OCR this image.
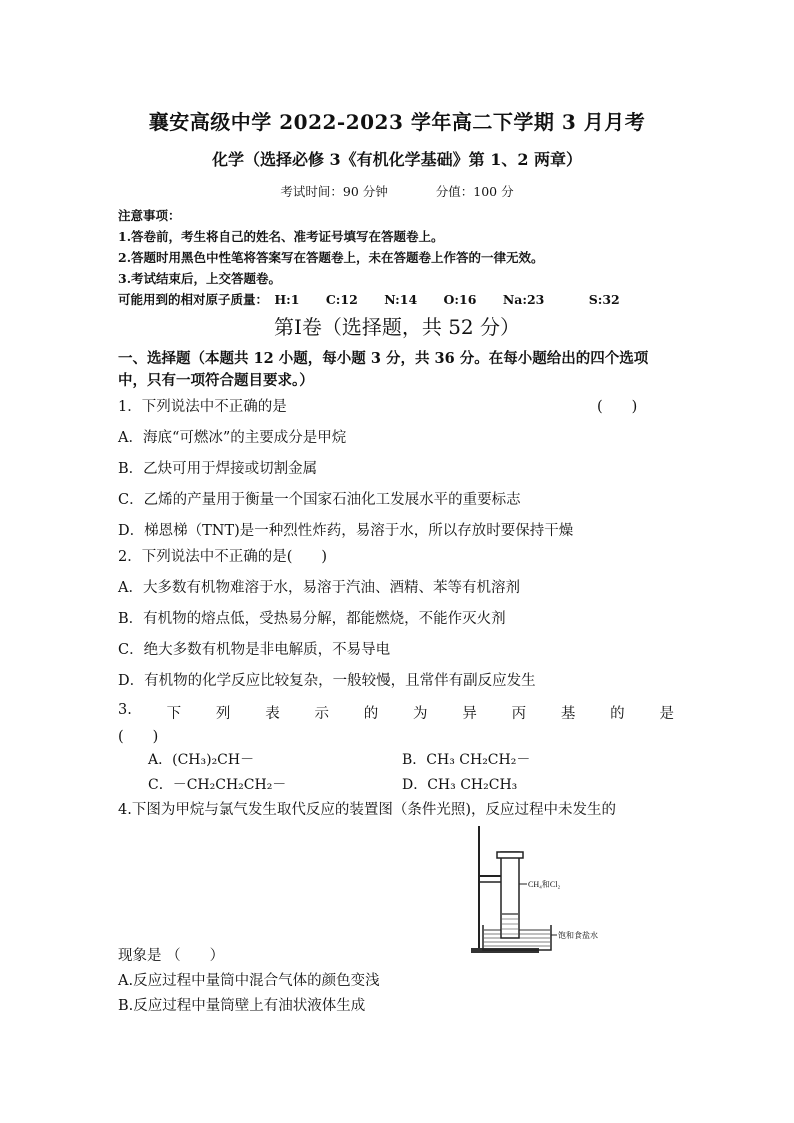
襄安高级中学 2022-2023 学年高二下学期 3 月月考
化学（选择必修 3《有机化学基础》第 1、2 两章）
考试时间：90 分钟	分值：100 分
注意事项：
1.答卷前，考生将自己的姓名、准考证号填写在答题卷上。
2.答题时用黑色中性笔将答案写在答题卷上，未在答题卷上作答的一律无效。
3.考试结束后，上交答题卷。
可能用到的相对原子质量： H:1 C:12 N:14 O:16 Na:23	S:32
第Ⅰ卷（选择题，共 52 分）
一、选择题（本题共 12 小题，每小题 3 分，共 36 分。在每小题给出的四个选项
中，只有一项符合题目要求。）
1．下列说法中不正确的是	(　　)
A．海底“可燃冰”的主要成分是甲烷
B．乙炔可用于焊接或切割金属
C．乙烯的产量用于衡量一个国家石油化工发展水平的重要标志
D．梯恩梯（TNT)是一种烈性炸药，易溶于水，所以存放时要保持干燥
2．下列说法中不正确的是(　　)
A．大多数有机物难溶于水，易溶于汽油、酒精、苯等有机溶剂
B．有机物的熔点低，受热易分解，都能燃烧，不能作灭火剂
C．绝大多数有机物是非电解质，不易导电
D．有机物的化学反应比较复杂，一般较慢，且常伴有副反应发生
3. 下 列 表 示 的 为 异 丙 基 的 是
(　　)
A．(CH₃)₂CH－	B．CH₃ CH₂CH₂－
C．－CH₂CH₂CH₂－	D．CH₃ CH₂CH₃
4.下图为甲烷与氯气发生取代反应的装置图（条件光照)，反应过程中未发生的
CH₄和Cl₂
饱和食盐水
现象是 （　　）
A.反应过程中量筒中混合气体的颜色变浅
B.反应过程中量筒壁上有油状液体生成
